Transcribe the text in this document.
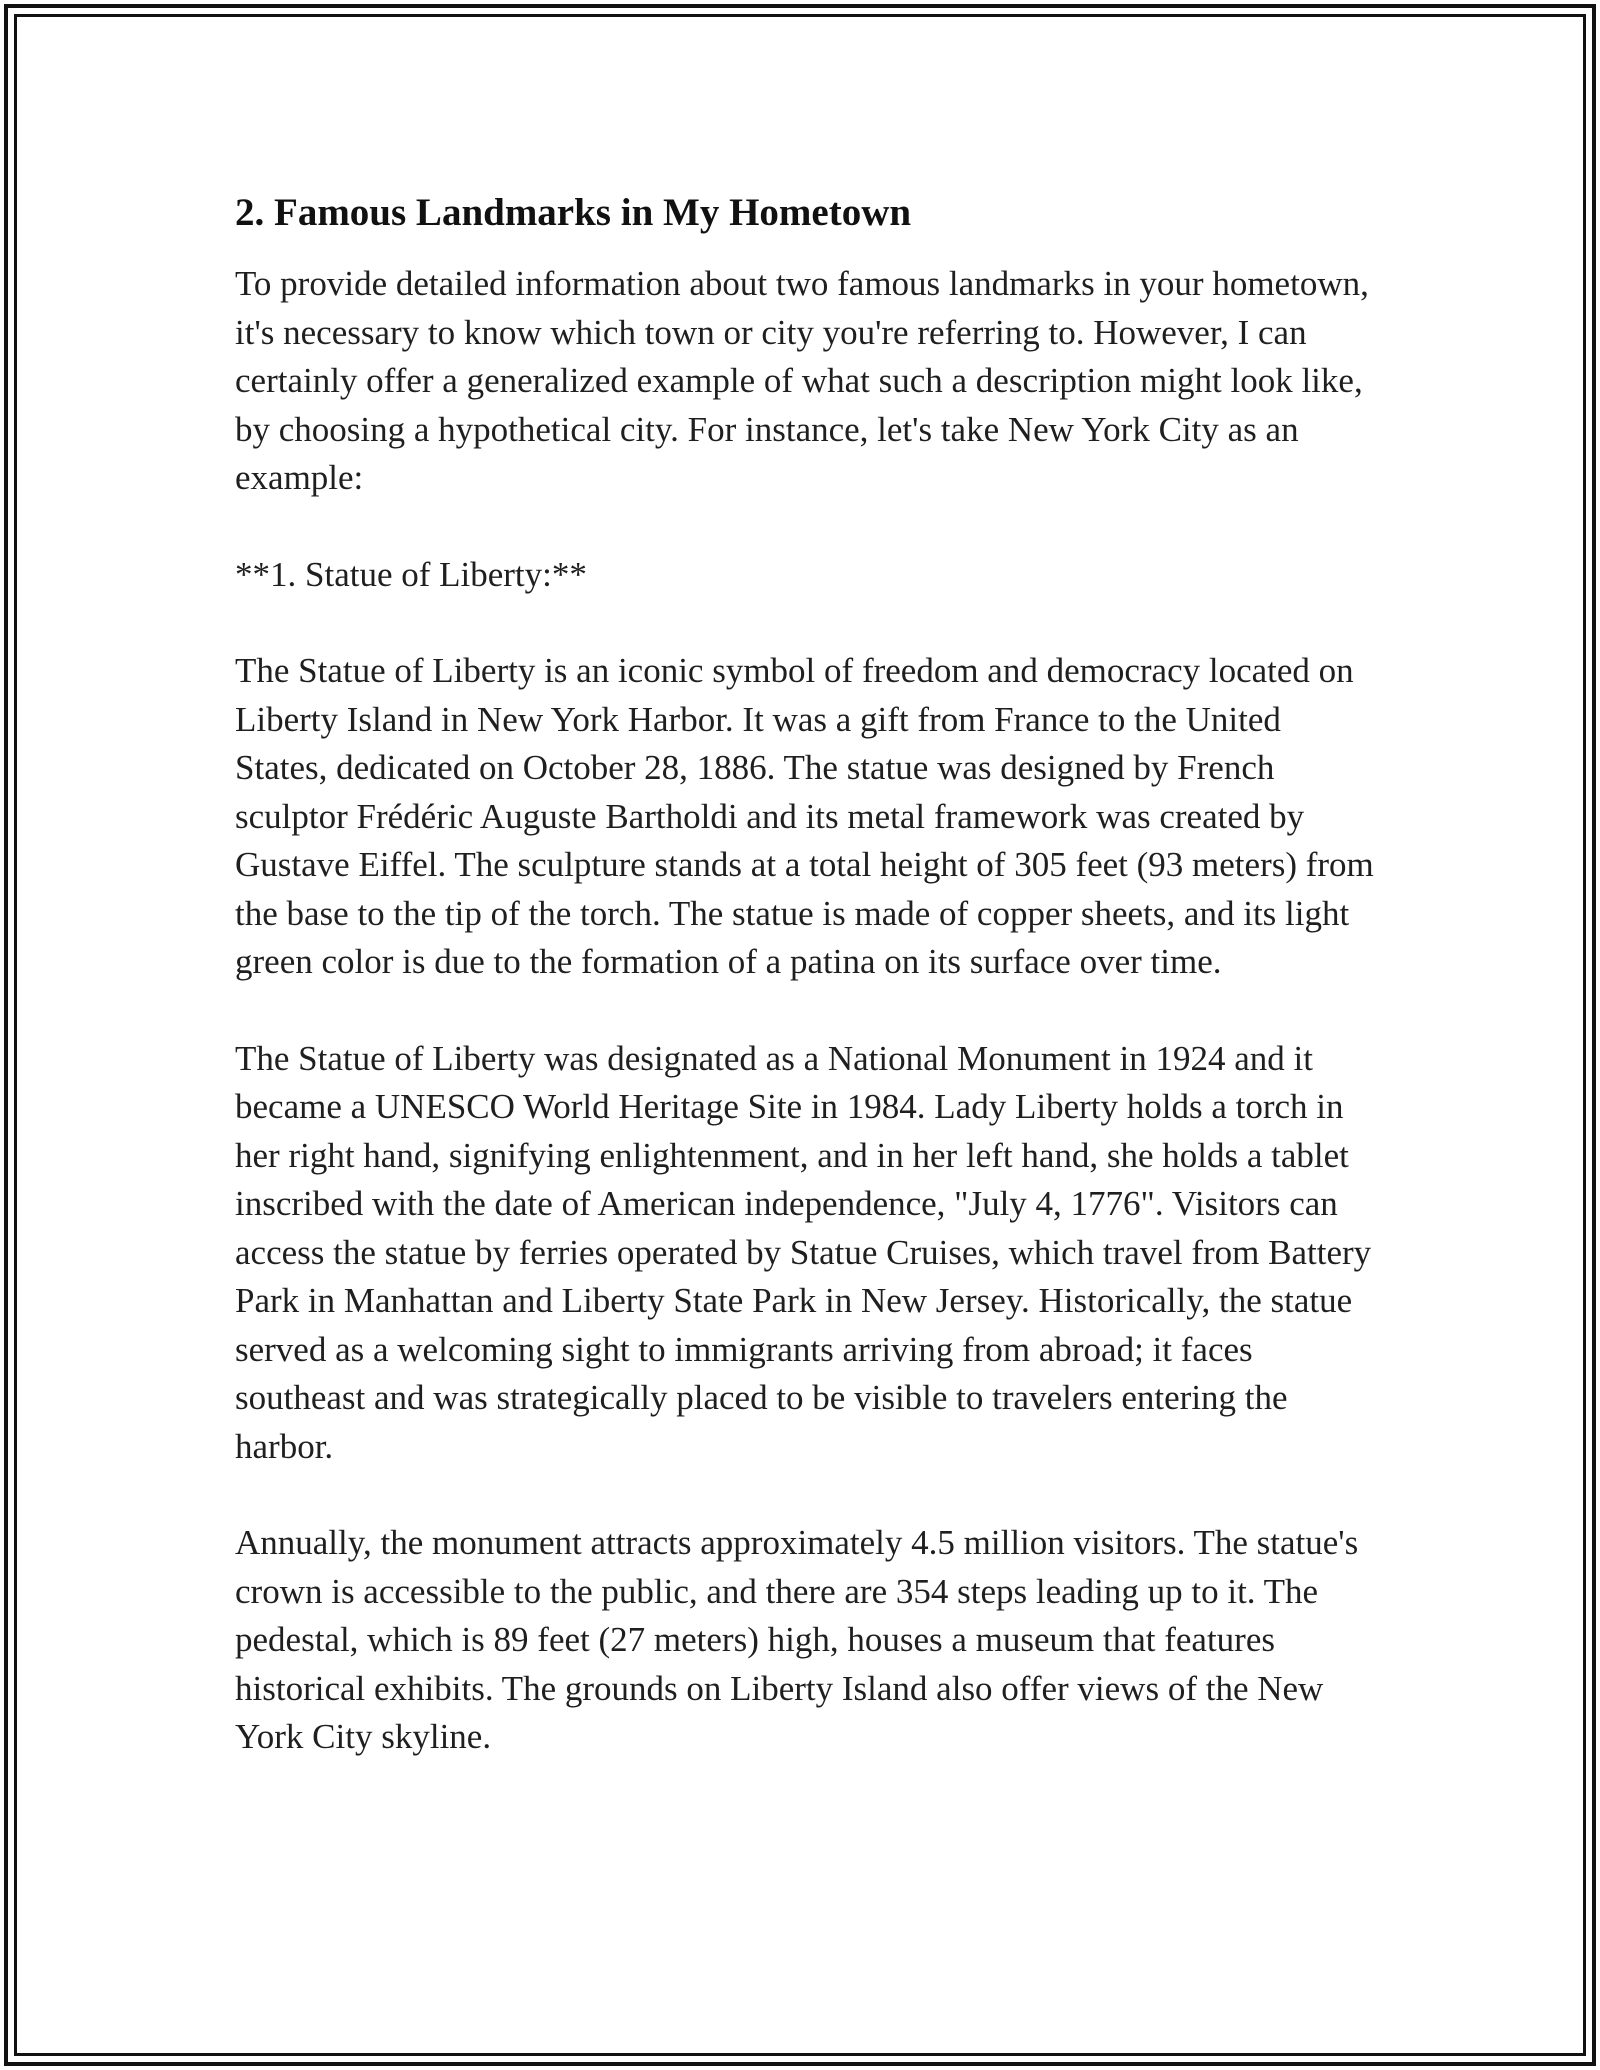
2. Famous Landmarks in My Hometown

To provide detailed information about two famous landmarks in your hometown, it's necessary to know which town or city you're referring to. However, I can certainly offer a generalized example of what such a description might look like, by choosing a hypothetical city. For instance, let's take New York City as an example:

**1. Statue of Liberty:**

The Statue of Liberty is an iconic symbol of freedom and democracy located on Liberty Island in New York Harbor. It was a gift from France to the United States, dedicated on October 28, 1886. The statue was designed by French sculptor Frédéric Auguste Bartholdi and its metal framework was created by Gustave Eiffel. The sculpture stands at a total height of 305 feet (93 meters) from the base to the tip of the torch. The statue is made of copper sheets, and its light green color is due to the formation of a patina on its surface over time.

The Statue of Liberty was designated as a National Monument in 1924 and it became a UNESCO World Heritage Site in 1984. Lady Liberty holds a torch in her right hand, signifying enlightenment, and in her left hand, she holds a tablet inscribed with the date of American independence, "July 4, 1776". Visitors can access the statue by ferries operated by Statue Cruises, which travel from Battery Park in Manhattan and Liberty State Park in New Jersey. Historically, the statue served as a welcoming sight to immigrants arriving from abroad; it faces southeast and was strategically placed to be visible to travelers entering the harbor.

Annually, the monument attracts approximately 4.5 million visitors. The statue's crown is accessible to the public, and there are 354 steps leading up to it. The pedestal, which is 89 feet (27 meters) high, houses a museum that features historical exhibits. The grounds on Liberty Island also offer views of the New York City skyline.
